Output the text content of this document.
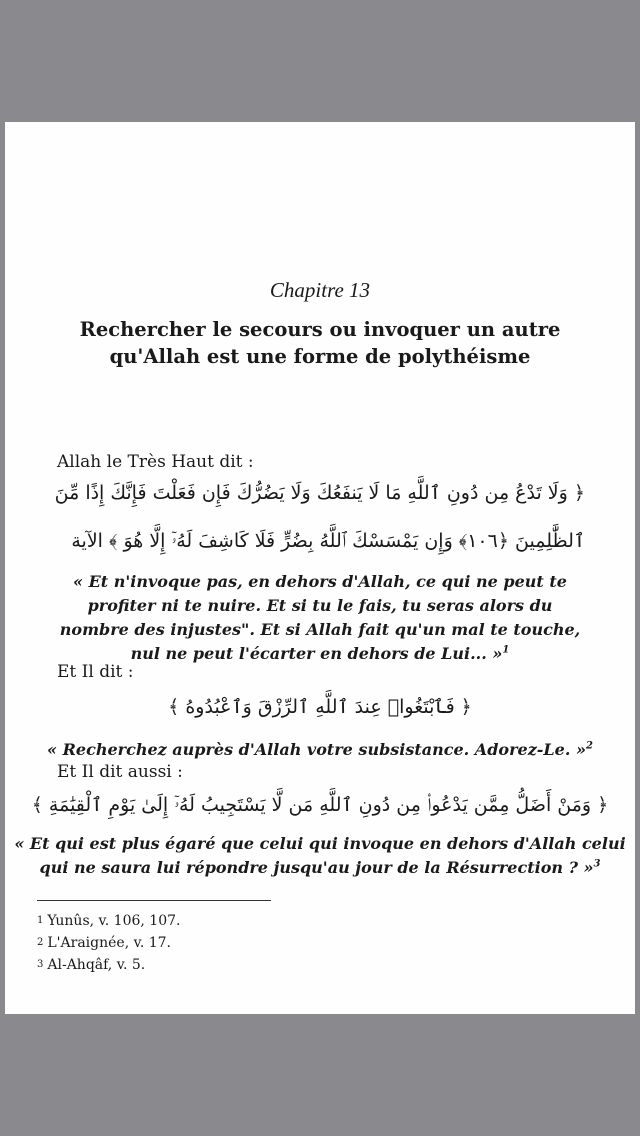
Chapitre 13
Rechercher le secours ou invoquer un autre
qu'Allah est une forme de polythéisme
Allah le Très Haut dit :
﴿ وَلَا تَدْعُ مِن دُونِ ٱللَّهِ مَا لَا يَنفَعُكَ وَلَا يَضُرُّكَ فَإِن فَعَلْتَ فَإِنَّكَ إِذًا مِّنَ
ٱلظَّٰلِمِينَ ﴿١٠٦﴾ وَإِن يَمْسَسْكَ ٱللَّهُ بِضُرٍّ فَلَا كَاشِفَ لَهُۥٓ إِلَّا هُوَ ﴾ الآية
« Et n'invoque pas, en dehors d'Allah, ce qui ne peut te
profiter ni te nuire. Et si tu le fais, tu seras alors du
nombre des injustes". Et si Allah fait qu'un mal te touche,
nul ne peut l'écarter en dehors de Lui... »$^1$
Et Il dit :
﴿ فَٱبْتَغُوا۟ عِندَ ٱللَّهِ ٱلرِّزْقَ وَٱعْبُدُوهُ ﴾
« Recherchez auprès d'Allah votre subsistance. Adorez-Le. »$^2$
Et Il dit aussi :
﴿ وَمَنْ أَضَلُّ مِمَّن يَدْعُوا۟ مِن دُونِ ٱللَّهِ مَن لَّا يَسْتَجِيبُ لَهُۥٓ إِلَىٰ يَوْمِ ٱلْقِيَٰمَةِ ﴾
« Et qui est plus égaré que celui qui invoque en dehors d'Allah celui
qui ne saura lui répondre jusqu'au jour de la Résurrection ? »$^3$
1 Yunûs, v. 106, 107.
2 L'Araignée, v. 17.
3 Al-Ahqâf, v. 5.
